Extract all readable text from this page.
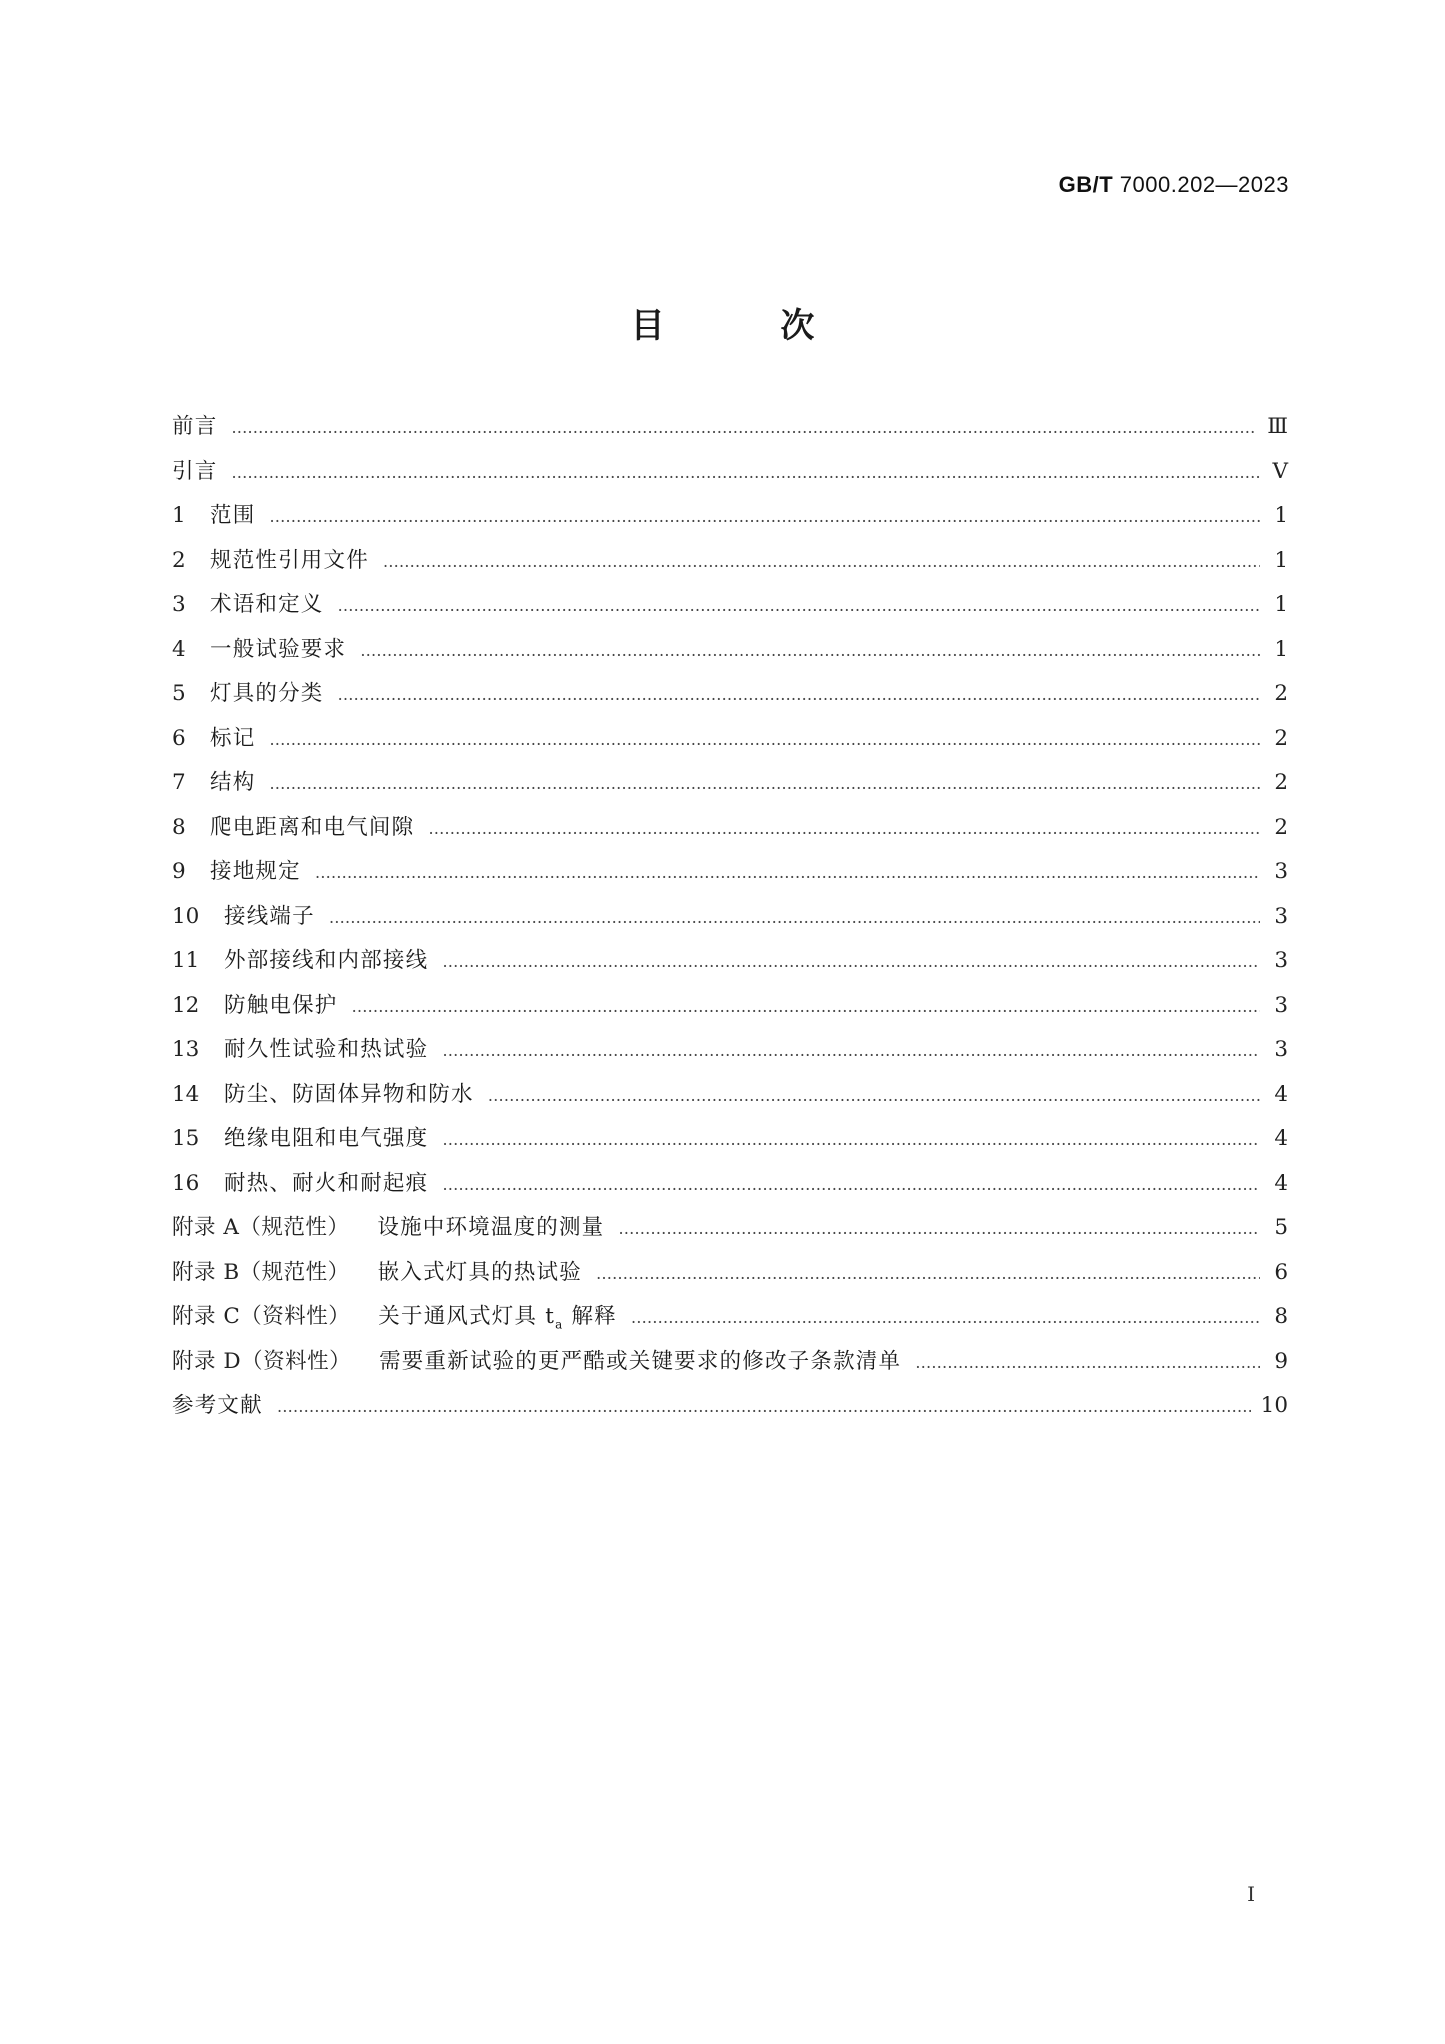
GB/T 7000.202—2023
目	次
前言 ………………………………………………………………………………………………………………………………………………………………………………………………………………………………………………………………………………………………………………	Ⅲ
引言 ………………………………………………………………………………………………………………………………………………………………………………………………………………………………………………………………………………………………………………	Ⅴ
1	范围 ………………………………………………………………………………………………………………………………………………………………………………………………………………………………………………………………………………………………………………	1
2	规范性引用文件 ………………………………………………………………………………………………………………………………………………………………………………………………………………………………………………………………………………………………………………	1
3	术语和定义 ………………………………………………………………………………………………………………………………………………………………………………………………………………………………………………………………………………………………………………	1
4	一般试验要求 ………………………………………………………………………………………………………………………………………………………………………………………………………………………………………………………………………………………………………………	1
5	灯具的分类 ………………………………………………………………………………………………………………………………………………………………………………………………………………………………………………………………………………………………………………	2
6	标记 ………………………………………………………………………………………………………………………………………………………………………………………………………………………………………………………………………………………………………………	2
7	结构 ………………………………………………………………………………………………………………………………………………………………………………………………………………………………………………………………………………………………………………	2
8	爬电距离和电气间隙 ………………………………………………………………………………………………………………………………………………………………………………………………………………………………………………………………………………………………………………	2
9	接地规定 ………………………………………………………………………………………………………………………………………………………………………………………………………………………………………………………………………………………………………………	3
10	接线端子 ………………………………………………………………………………………………………………………………………………………………………………………………………………………………………………………………………………………………………………	3
11	外部接线和内部接线 ………………………………………………………………………………………………………………………………………………………………………………………………………………………………………………………………………………………………………………	3
12	防触电保护 ………………………………………………………………………………………………………………………………………………………………………………………………………………………………………………………………………………………………………………	3
13	耐久性试验和热试验 ………………………………………………………………………………………………………………………………………………………………………………………………………………………………………………………………………………………………………………	3
14	防尘、防固体异物和防水 ………………………………………………………………………………………………………………………………………………………………………………………………………………………………………………………………………………………………………………	4
15	绝缘电阻和电气强度 ………………………………………………………………………………………………………………………………………………………………………………………………………………………………………………………………………………………………………………	4
16	耐热、耐火和耐起痕 ………………………………………………………………………………………………………………………………………………………………………………………………………………………………………………………………………………………………………………	4
附录 A（规范性） 设施中环境温度的测量 ………………………………………………………………………………………………………………………………………………………………………………………………………………………………………………………………………………………………………………	5
附录 B（规范性） 嵌入式灯具的热试验 ………………………………………………………………………………………………………………………………………………………………………………………………………………………………………………………………………………………………………………	6
附录 C（资料性） 关于通风式灯具 $t_a$ 解释 ………………………………………………………………………………………………………………………………………………………………………………………………………………………………………………………………………………………………………………	8
附录 D（资料性） 需要重新试验的更严酷或关键要求的修改子条款清单 ………………………………………………………………………………………………………………………………………………………………………………………………………………………………………………………………………………………………………………	9
参考文献 ………………………………………………………………………………………………………………………………………………………………………………………………………………………………………………………………………………………………………………	10
Ⅰ
